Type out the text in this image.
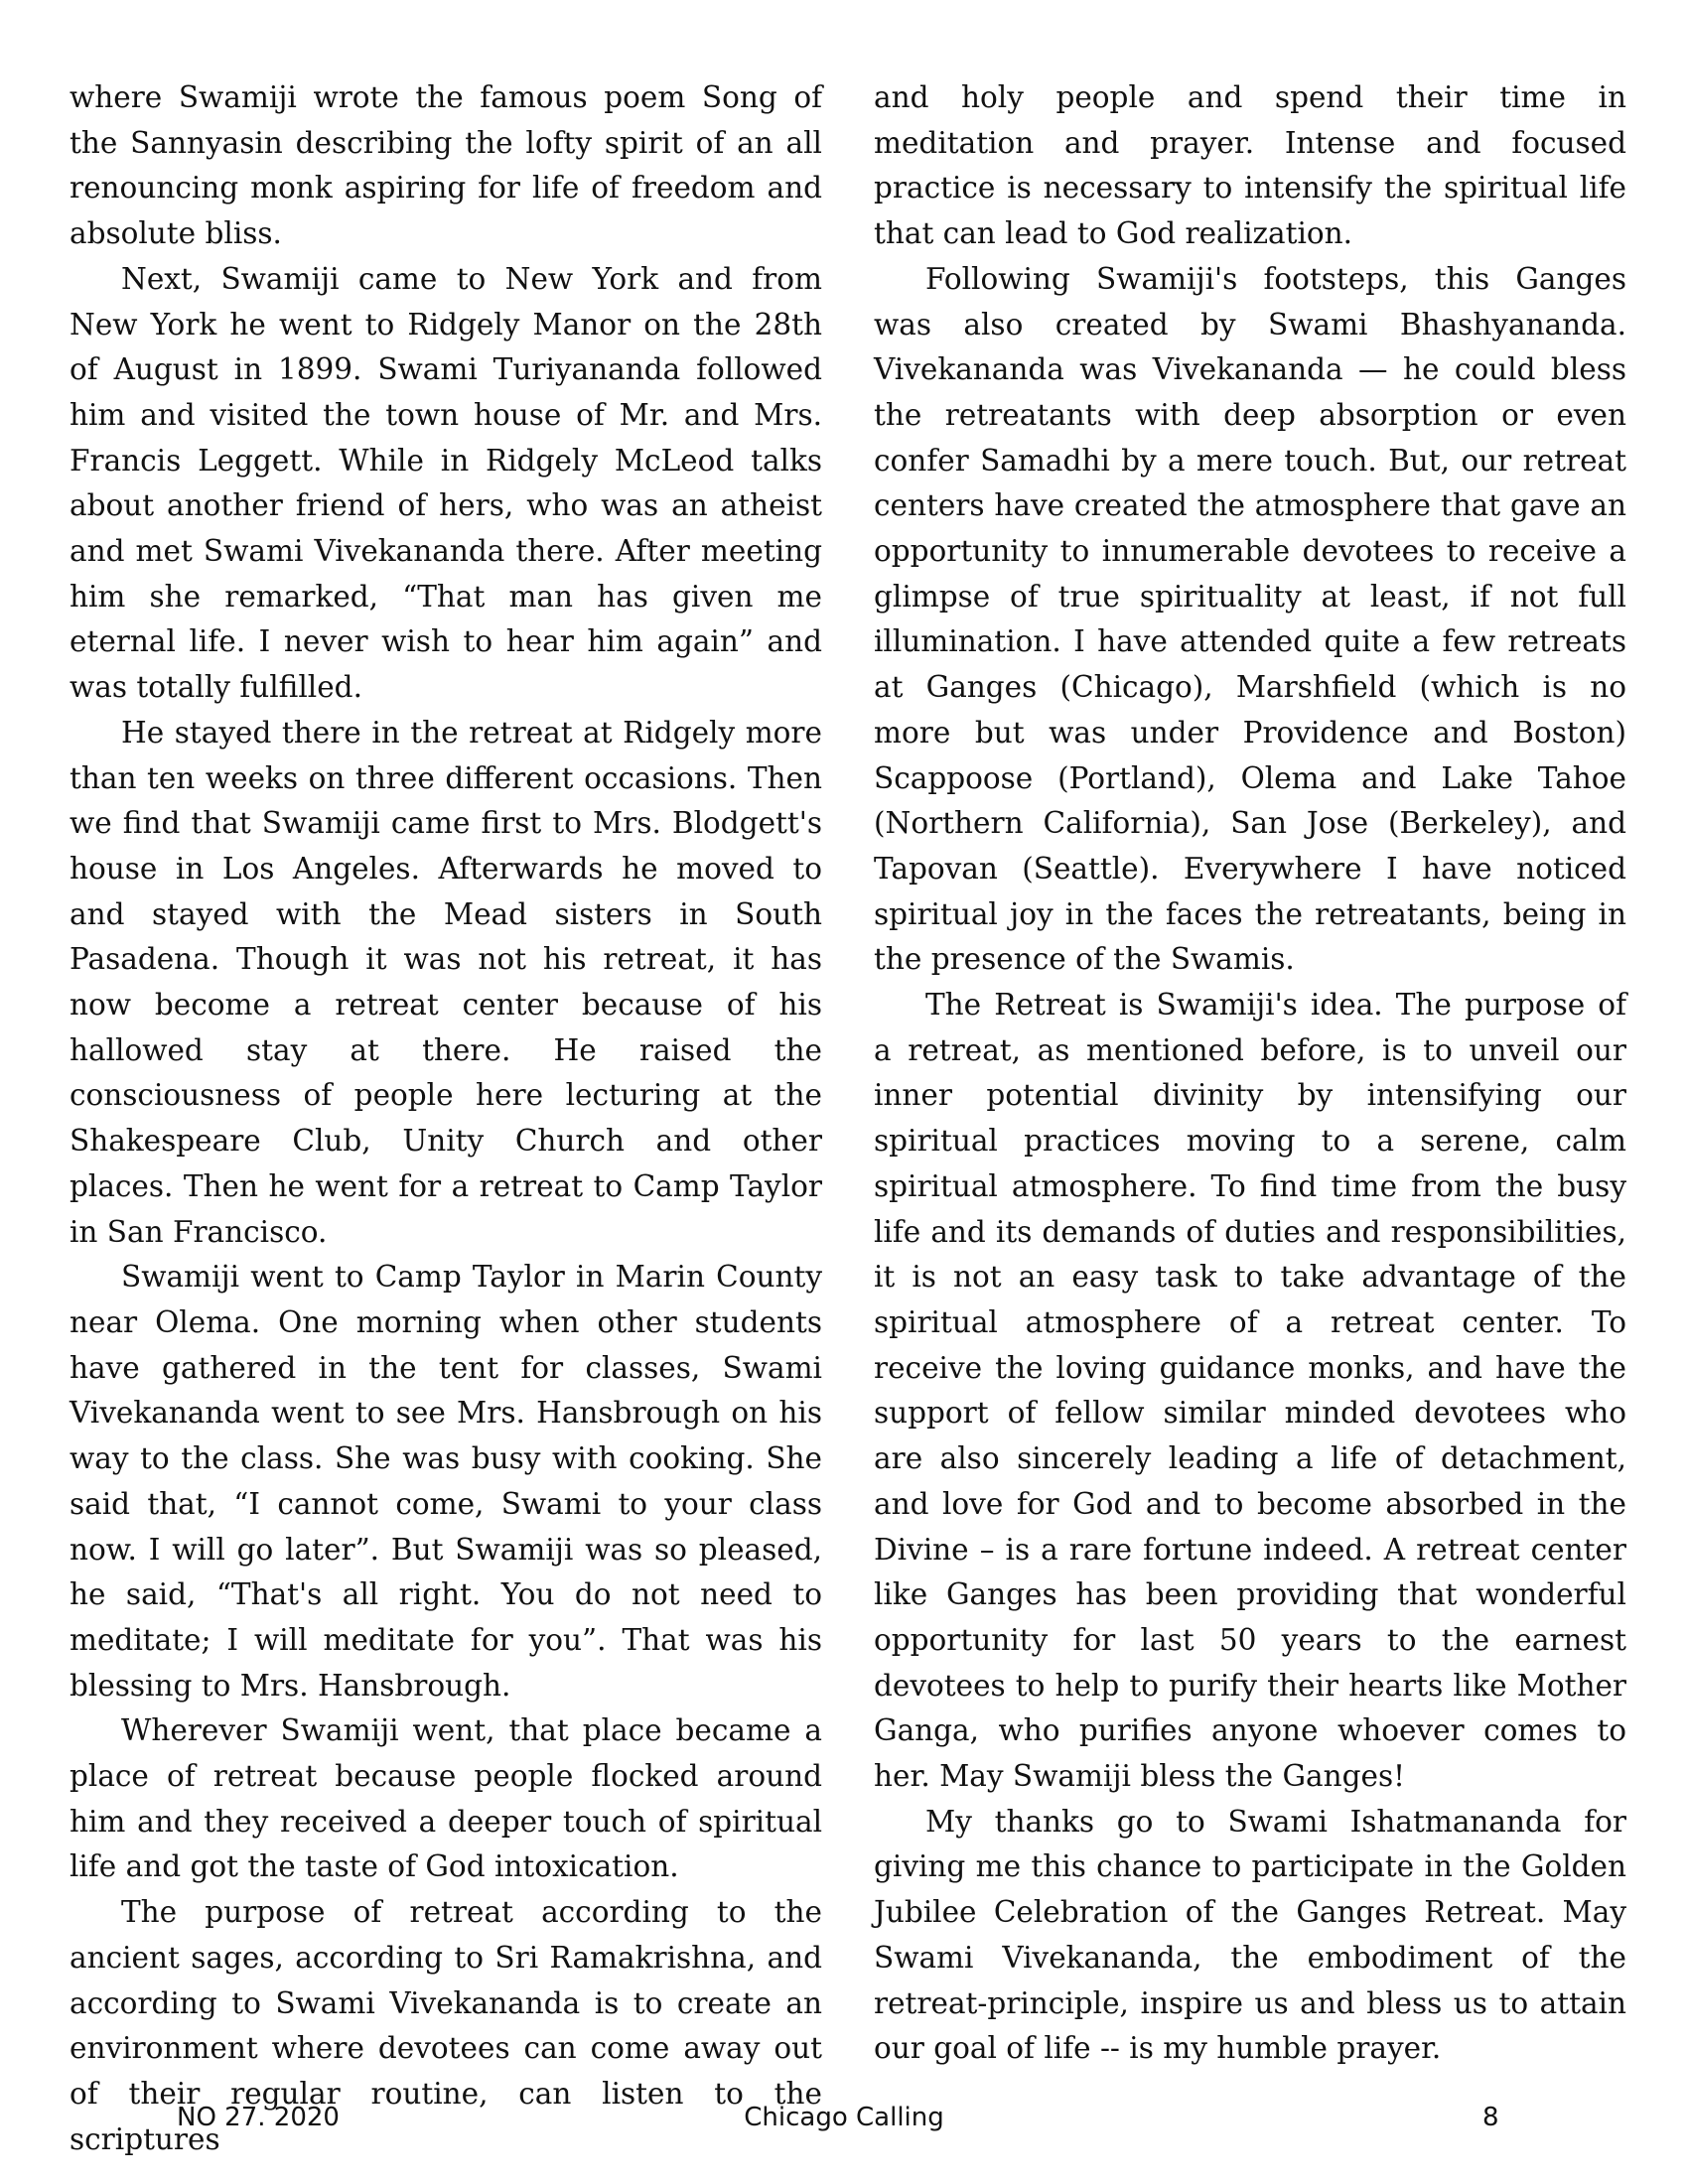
where Swamiji wrote the famous poem Song of the Sannyasin describing the lofty spirit of an all renouncing monk aspiring for life of freedom and absolute bliss.

Next, Swamiji came to New York and from New York he went to Ridgely Manor on the 28th of August in 1899. Swami Turiyananda followed him and visited the town house of Mr. and Mrs. Francis Leggett. While in Ridgely McLeod talks about another friend of hers, who was an atheist and met Swami Vivekananda there. After meeting him she remarked, “That man has given me eternal life. I never wish to hear him again” and was totally fulfilled.

He stayed there in the retreat at Ridgely more than ten weeks on three different occasions. Then we find that Swamiji came first to Mrs. Blodgett's house in Los Angeles. Afterwards he moved to and stayed with the Mead sisters in South Pasadena. Though it was not his retreat, it has now become a retreat center because of his hallowed stay at there. He raised the consciousness of people here lecturing at the Shakespeare Club, Unity Church and other places. Then he went for a retreat to Camp Taylor in San Francisco.

Swamiji went to Camp Taylor in Marin County near Olema. One morning when other students have gathered in the tent for classes, Swami Vivekananda went to see Mrs. Hansbrough on his way to the class. She was busy with cooking. She said that, “I cannot come, Swami to your class now. I will go later”. But Swamiji was so pleased, he said, “That's all right. You do not need to meditate; I will meditate for you”. That was his blessing to Mrs. Hansbrough.

Wherever Swamiji went, that place became a place of retreat because people flocked around him and they received a deeper touch of spiritual life and got the taste of God intoxication.

The purpose of retreat according to the ancient sages, according to Sri Ramakrishna, and according to Swami Vivekananda is to create an environment where devotees can come away out of their regular routine, can listen to the scriptures

and holy people and spend their time in meditation and prayer. Intense and focused practice is necessary to intensify the spiritual life that can lead to God realization.

Following Swamiji's footsteps, this Ganges was also created by Swami Bhashyananda. Vivekananda was Vivekananda — he could bless the retreatants with deep absorption or even confer Samadhi by a mere touch. But, our retreat centers have created the atmosphere that gave an opportunity to innumerable devotees to receive a glimpse of true spirituality at least, if not full illumination. I have attended quite a few retreats at Ganges (Chicago), Marshfield (which is no more but was under Providence and Boston) Scappoose (Portland), Olema and Lake Tahoe (Northern California), San Jose (Berkeley), and Tapovan (Seattle). Everywhere I have noticed spiritual joy in the faces the retreatants, being in the presence of the Swamis.

The Retreat is Swamiji's idea. The purpose of a retreat, as mentioned before, is to unveil our inner potential divinity by intensifying our spiritual practices moving to a serene, calm spiritual atmosphere. To find time from the busy life and its demands of duties and responsibilities, it is not an easy task to take advantage of the spiritual atmosphere of a retreat center. To receive the loving guidance monks, and have the support of fellow similar minded devotees who are also sincerely leading a life of detachment, and love for God and to become absorbed in the Divine – is a rare fortune indeed. A retreat center like Ganges has been providing that wonderful opportunity for last 50 years to the earnest devotees to help to purify their hearts like Mother Ganga, who purifies anyone whoever comes to her. May Swamiji bless the Ganges!

My thanks go to Swami Ishatmananda for giving me this chance to participate in the Golden Jubilee Celebration of the Ganges Retreat. May Swami Vivekananda, the embodiment of the retreat-principle, inspire us and bless us to attain our goal of life -- is my humble prayer.

NO 27. 2020	Chicago Calling	8
